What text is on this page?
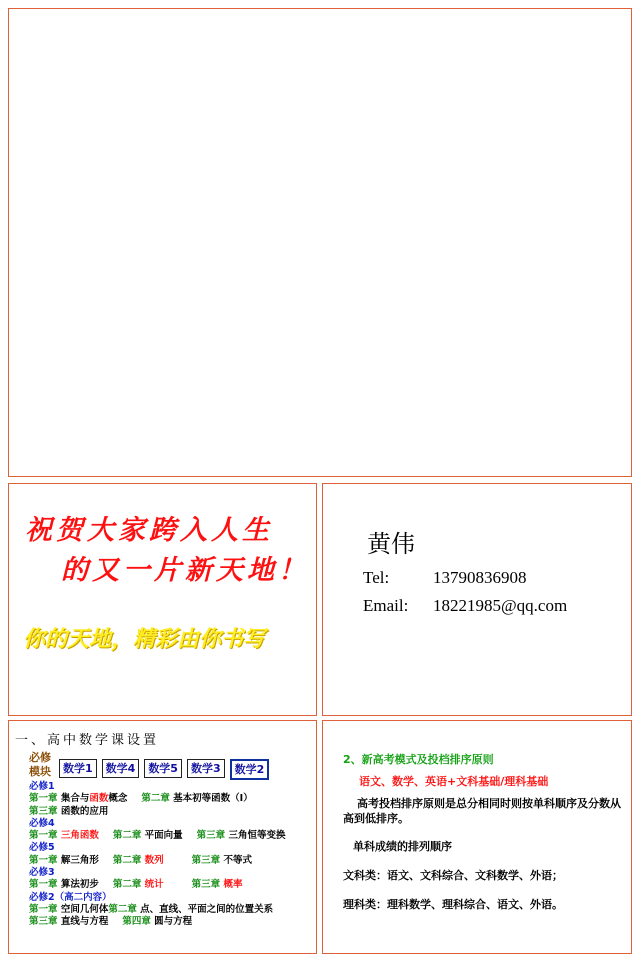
祝贺大家跨入人生
的又一片新天地！
你的天地，精彩由你书写
黄伟
Tel:	13790836908
Email: 18221985@qq.com
一、高中数学课设置
必修
模块	数学1	数学4	数学5	数学3	数学2
必修1
第一章 集合与函数概念 第二章 基本初等函数（Ⅰ）
第三章 函数的应用
必修4
第一章 三角函数 第二章 平面向量 第三章 三角恒等变换
必修5
第一章 解三角形 第二章 数列	第三章 不等式
必修3
第一章 算法初步 第二章 统计	第三章 概率
必修2（高二内容）
第一章 空间几何体第二章 点、直线、平面之间的位置关系
第三章 直线与方程 第四章 圆与方程
2、新高考模式及投档排序原则
语文、数学、英语+文科基础/理科基础
高考投档排序原则是总分相同时则按单科顺序及分数从高到低排序。
单科成绩的排列顺序
文科类：语文、文科综合、文科数学、外语；
理科类：理科数学、理科综合、语文、外语。
